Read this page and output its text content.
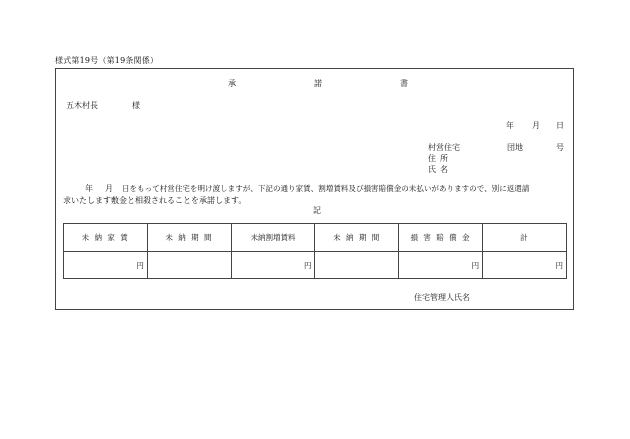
様式第19号（第19条関係）
承	諾	書
五木村長	様
年 月 日
村営住宅	団地	号
住 所
氏 名
年 月 日をもって村営住宅を明け渡しますが、下記の通り家賃、割増賃料及び損害賠償金の未払いがありますので、別に返還請
求いたします敷金と相殺されることを承諾します。
記
未 納 家 賃	未 納 期 間	未納割増賃料	未 納 期 間	損 害 賠 償 金	計
円		円		円	円
住宅管理人氏名
